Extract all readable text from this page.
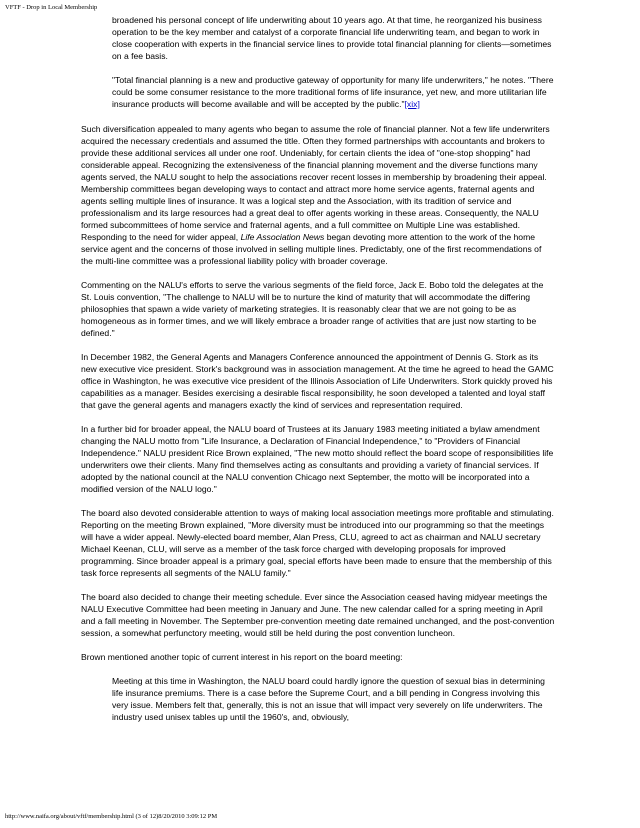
VFTF - Drop in Local Membership

broadened his personal concept of life underwriting about 10 years ago. At that time, he reorganized his business operation to be the key member and catalyst of a corporate financial life underwriting team, and began to work in close cooperation with experts in the financial service lines to provide total financial planning for clients—sometimes on a fee basis.

"Total financial planning is a new and productive gateway of opportunity for many life underwriters," he notes. "There could be some consumer resistance to the more traditional forms of life insurance, yet new, and more utilitarian life insurance products will become available and will be accepted by the public."[xix]

Such diversification appealed to many agents who began to assume the role of financial planner. Not a few life underwriters acquired the necessary credentials and assumed the title. Often they formed partnerships with accountants and brokers to provide these additional services all under one roof. Undeniably, for certain clients the idea of "one-stop shopping" had considerable appeal. Recognizing the extensiveness of the financial planning movement and the diverse functions many agents served, the NALU sought to help the associations recover recent losses in membership by broadening their appeal. Membership committees began developing ways to contact and attract more home service agents, fraternal agents and agents selling multiple lines of insurance. It was a logical step and the Association, with its tradition of service and professionalism and its large resources had a great deal to offer agents working in these areas. Consequently, the NALU formed subcommittees of home service and fraternal agents, and a full committee on Multiple Line was established. Responding to the need for wider appeal, Life Association News began devoting more attention to the work of the home service agent and the concerns of those involved in selling multiple lines. Predictably, one of the first recommendations of the multi-line committee was a professional liability policy with broader coverage.

Commenting on the NALU's efforts to serve the various segments of the field force, Jack E. Bobo told the delegates at the St. Louis convention, "The challenge to NALU will be to nurture the kind of maturity that will accommodate the differing philosophies that spawn a wide variety of marketing strategies. It is reasonably clear that we are not going to be as homogeneous as in former times, and we will likely embrace a broader range of activities that are just now starting to be defined."

In December 1982, the General Agents and Managers Conference announced the appointment of Dennis G. Stork as its new executive vice president. Stork's background was in association management. At the time he agreed to head the GAMC office in Washington, he was executive vice president of the Illinois Association of Life Underwriters. Stork quickly proved his capabilities as a manager. Besides exercising a desirable fiscal responsibility, he soon developed a talented and loyal staff that gave the general agents and managers exactly the kind of services and representation required.

In a further bid for broader appeal, the NALU board of Trustees at its January 1983 meeting initiated a bylaw amendment changing the NALU motto from "Life Insurance, a Declaration of Financial Independence," to "Providers of Financial Independence." NALU president Rice Brown explained, "The new motto should reflect the board scope of responsibilities life underwriters owe their clients. Many find themselves acting as consultants and providing a variety of financial services. If adopted by the national council at the NALU convention Chicago next September, the motto will be incorporated into a modified version of the NALU logo."

The board also devoted considerable attention to ways of making local association meetings more profitable and stimulating. Reporting on the meeting Brown explained, "More diversity must be introduced into our programming so that the meetings will have a wider appeal. Newly-elected board member, Alan Press, CLU, agreed to act as chairman and NALU secretary Michael Keenan, CLU, will serve as a member of the task force charged with developing proposals for improved programming. Since broader appeal is a primary goal, special efforts have been made to ensure that the membership of this task force represents all segments of the NALU family."

The board also decided to change their meeting schedule. Ever since the Association ceased having midyear meetings the NALU Executive Committee had been meeting in January and June. The new calendar called for a spring meeting in April and a fall meeting in November. The September pre-convention meeting date remained unchanged, and the post-convention session, a somewhat perfunctory meeting, would still be held during the post convention luncheon.

Brown mentioned another topic of current interest in his report on the board meeting:

Meeting at this time in Washington, the NALU board could hardly ignore the question of sexual bias in determining life insurance premiums. There is a case before the Supreme Court, and a bill pending in Congress involving this very issue. Members felt that, generally, this is not an issue that will impact very severely on life underwriters. The industry used unisex tables up until the 1960's, and, obviously,

http://www.naifa.org/about/vftf/membership.html (3 of 12)8/20/2010 3:09:12 PM
